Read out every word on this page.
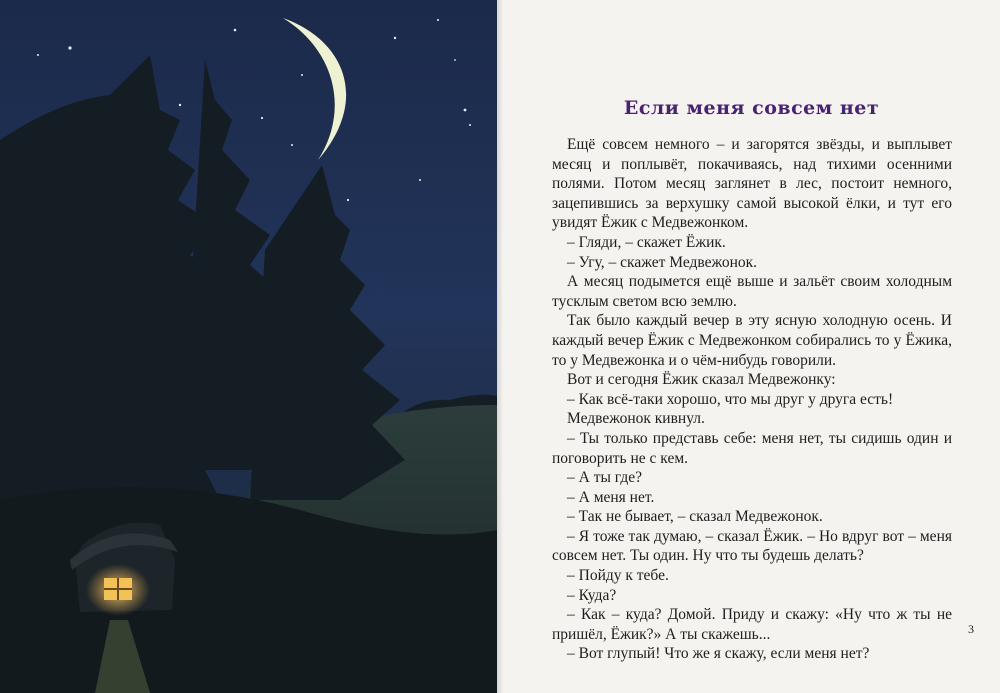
Если меня совсем нет

Ещё совсем немного – и загорятся звёзды, и выплывет месяц и поплывёт, покачиваясь, над тихими осенними полями. Потом месяц заглянет в лес, постоит немного, зацепившись за верхушку самой высокой ёлки, и тут его увидят Ёжик с Медвежонком.

– Гляди, – скажет Ёжик.

– Угу, – скажет Медвежонок.

А месяц подымется ещё выше и зальёт своим холодным тусклым светом всю землю.

Так было каждый вечер в эту ясную холодную осень. И каждый вечер Ёжик с Медвежонком собирались то у Ёжика, то у Медвежонка и о чём-нибудь говорили.

Вот и сегодня Ёжик сказал Медвежонку:

– Как всё-таки хорошо, что мы друг у друга есть!

Медвежонок кивнул.

– Ты только представь себе: меня нет, ты сидишь один и поговорить не с кем.

– А ты где?

– А меня нет.

– Так не бывает, – сказал Медвежонок.

– Я тоже так думаю, – сказал Ёжик. – Но вдруг вот – меня совсем нет. Ты один. Ну что ты будешь делать?

– Пойду к тебе.

– Куда?

– Как – куда? Домой. Приду и скажу: «Ну что ж ты не пришёл, Ёжик?» А ты скажешь...

– Вот глупый! Что же я скажу, если меня нет?

3
